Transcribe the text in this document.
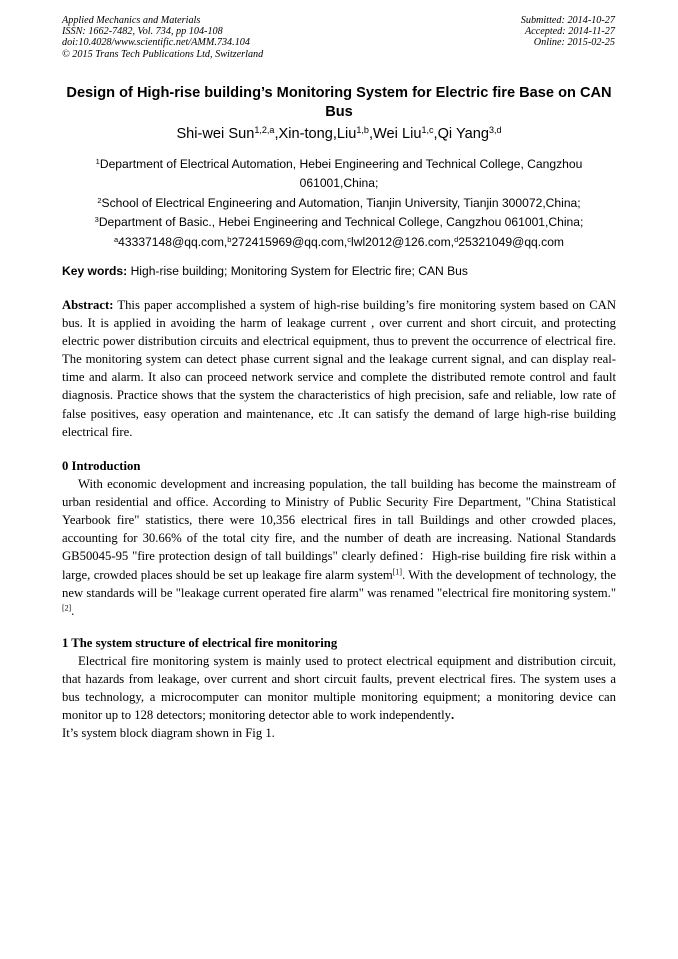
Applied Mechanics and Materials
ISSN: 1662-7482, Vol. 734, pp 104-108
doi:10.4028/www.scientific.net/AMM.734.104
© 2015 Trans Tech Publications Ltd, Switzerland
Submitted: 2014-10-27
Accepted: 2014-11-27
Online: 2015-02-25
Design of High-rise building’s Monitoring System for Electric fire Base on CAN Bus
Shi-wei Sun$^{1,2,a}$,Xin-tong,Liu$^{1,b}$,Wei Liu$^{1,c}$,Qi Yang$^{3,d}$
$^1$Department of Electrical Automation, Hebei Engineering and Technical College, Cangzhou
061001,China;
$^2$School of Electrical Engineering and Automation, Tianjin University, Tianjin 300072,China;
$^3$Department of Basic., Hebei Engineering and Technical College, Cangzhou 061001,China;
$^a$43337148@qq.com,$^b$272415969@qq.com,$^c$lwl2012@126.com,$^d$25321049@qq.com
Key words: High-rise building; Monitoring System for Electric fire; CAN Bus
Abstract: This paper accomplished a system of high-rise building’s fire monitoring system based on CAN bus. It is applied in avoiding the harm of leakage current , over current and short circuit, and protecting electric power distribution circuits and electrical equipment, thus to prevent the occurrence of electrical fire. The monitoring system can detect phase current signal and the leakage current signal, and can display real-time and alarm. It also can proceed network service and complete the distributed remote control and fault diagnosis. Practice shows that the system the characteristics of high precision, safe and reliable, low rate of false positives, easy operation and maintenance, etc .It can satisfy the demand of large high-rise building electrical fire.
0 Introduction
With economic development and increasing population, the tall building has become the mainstream of urban residential and office. According to Ministry of Public Security Fire Department, "China Statistical Yearbook fire" statistics, there were 10,356 electrical fires in tall Buildings and other crowded places, accounting for 30.66% of the total city fire, and the number of death are increasing. National Standards GB50045-95 "fire protection design of tall buildings" clearly defined：High-rise building fire risk within a large, crowded places should be set up leakage fire alarm system[1]. With the development of technology, the new standards will be "leakage current operated fire alarm" was renamed "electrical fire monitoring system."[2].
1 The system structure of electrical fire monitoring
Electrical fire monitoring system is mainly used to protect electrical equipment and distribution circuit, that hazards from leakage, over current and short circuit faults, prevent electrical fires. The system uses a bus technology, a microcomputer can monitor multiple monitoring equipment; a monitoring device can monitor up to 128 detectors; monitoring detector able to work independently.
It’s system block diagram shown in Fig 1.
